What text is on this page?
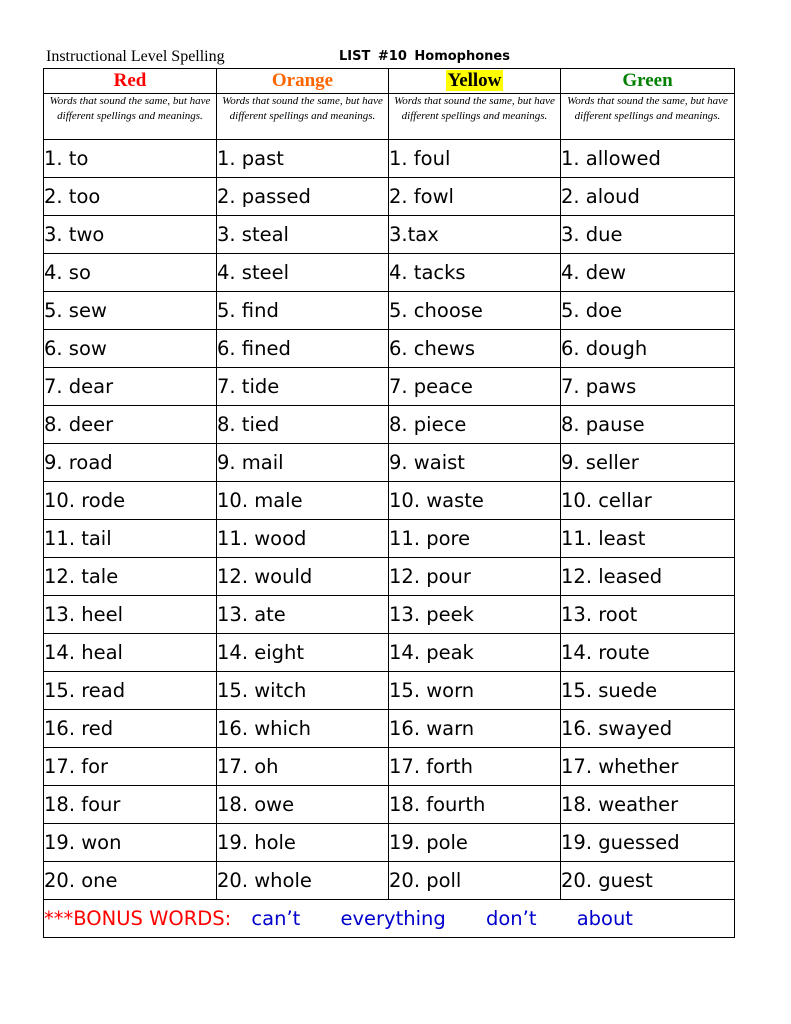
Instructional Level Spelling	LIST #10 Homophones
Red	Orange	Yellow	Green
Words that sound the same, but have different spellings and meanings.	Words that sound the same, but have different spellings and meanings.	Words that sound the same, but have different spellings and meanings.	Words that sound the same, but have different spellings and meanings.
1. to	1. past	1. foul	1. allowed
2. too	2. passed	2. fowl	2. aloud
3. two	3. steal	3.tax	3. due
4. so	4. steel	4. tacks	4. dew
5. sew	5. find	5. choose	5. doe
6. sow	6. fined	6. chews	6. dough
7. dear	7. tide	7. peace	7. paws
8. deer	8. tied	8. piece	8. pause
9. road	9. mail	9. waist	9. seller
10. rode	10. male	10. waste	10. cellar
11. tail	11. wood	11. pore	11. least
12. tale	12. would	12. pour	12. leased
13. heel	13. ate	13. peek	13. root
14. heal	14. eight	14. peak	14. route
15. read	15. witch	15. worn	15. suede
16. red	16. which	16. warn	16. swayed
17. for	17. oh	17. forth	17. whether
18. four	18. owe	18. fourth	18. weather
19. won	19. hole	19. pole	19. guessed
20. one	20. whole	20. poll	20. guest
***BONUS WORDS: can’t everything don’t about			
